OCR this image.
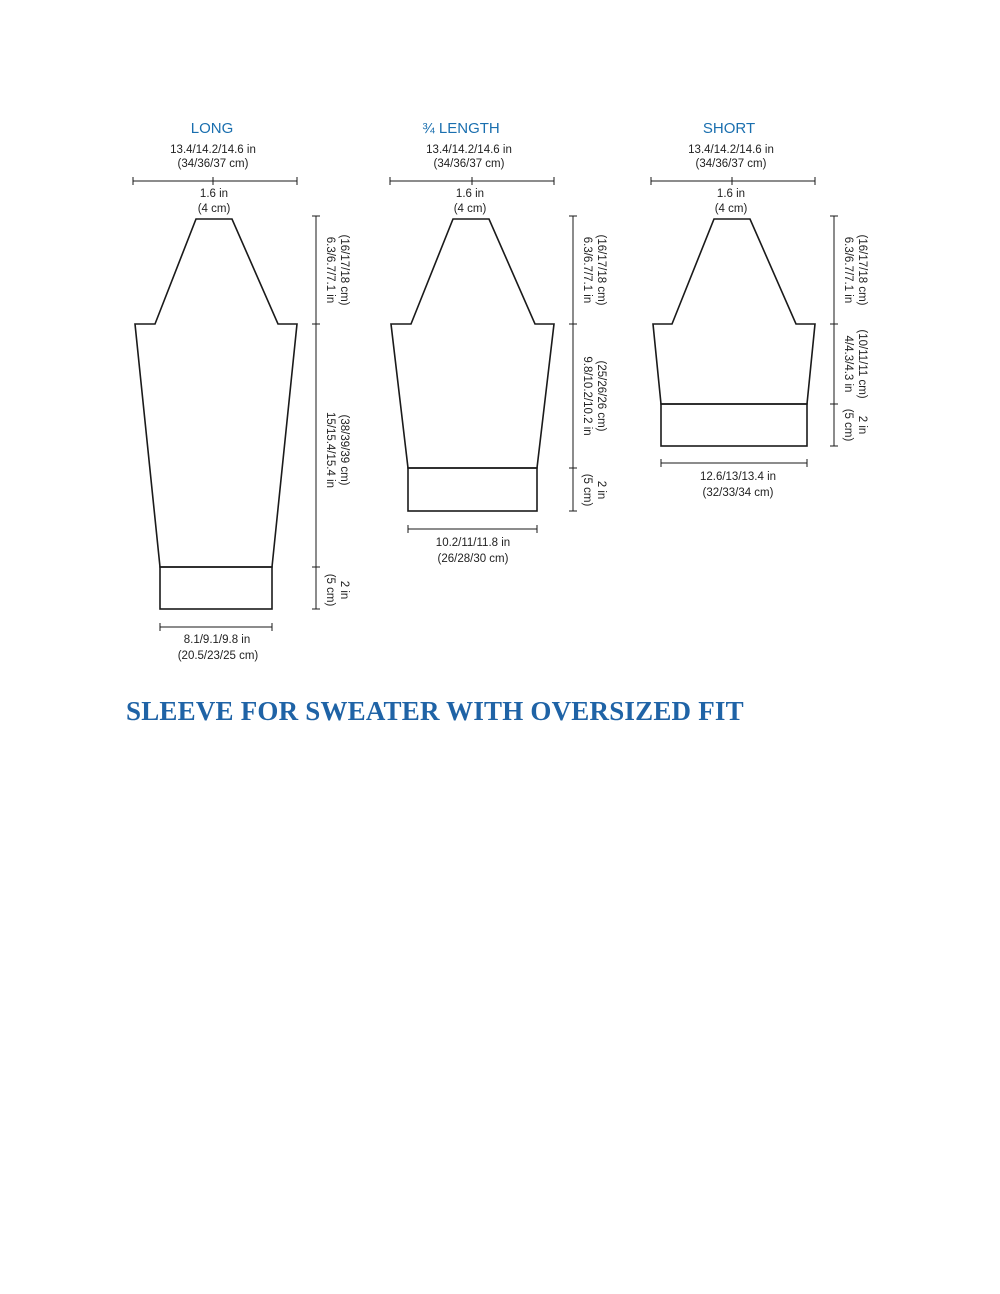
LONG
13.4/14.2/14.6 in
(34/36/37 cm)
1.6 in
(4 cm)
6.3/6.7/7.1 in (16/17/18 cm)
15/15.4/15.4 in (38/39/39 cm)
2 in
(5 cm)
8.1/9.1/9.8 in
(20.5/23/25 cm)
¾ LENGTH
13.4/14.2/14.6 in
(34/36/37 cm)
1.6 in
(4 cm)
6.3/6.7/7.1 in (16/17/18 cm)
9.8/10.2/10.2 in (25/26/26 cm)
2 in
(5 cm)
10.2/11/11.8 in
(26/28/30 cm)
SHORT
13.4/14.2/14.6 in
(34/36/37 cm)
1.6 in
(4 cm)
6.3/6.7/7.1 in (16/17/18 cm)
4/4.3/4.3 in (10/11/11 cm)
2 in
(5 cm)
12.6/13/13.4 in
(32/33/34 cm)
SLEEVE FOR SWEATER WITH OVERSIZED FIT
